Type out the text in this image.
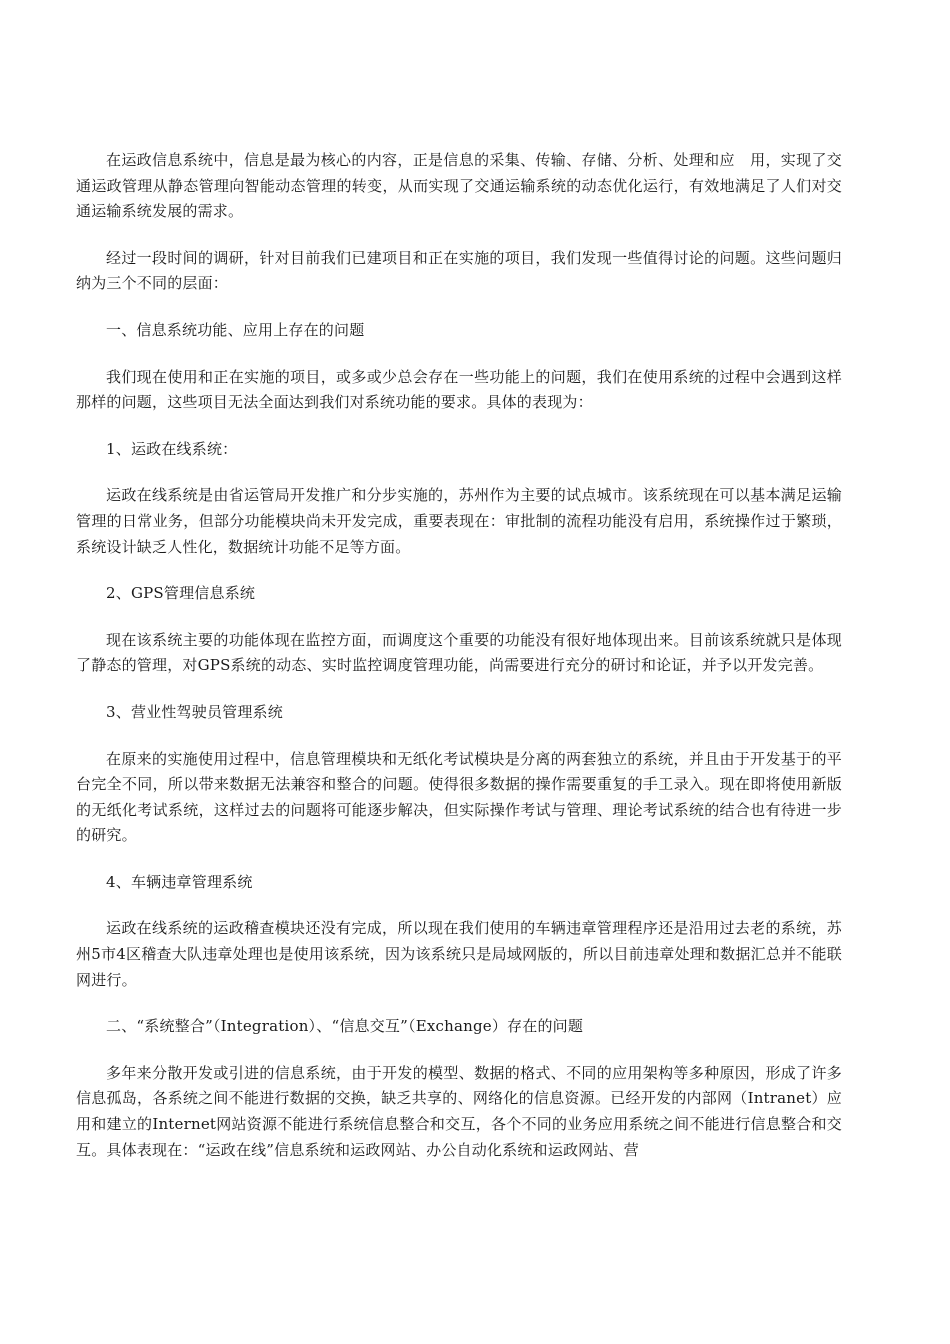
在运政信息系统中，信息是最为核心的内容，正是信息的采集、传输、存储、分析、处理和应　用，实现了交通运政管理从静态管理向智能动态管理的转变，从而实现了交通运输系统的动态优化运行，有效地满足了人们对交通运输系统发展的需求。

经过一段时间的调研，针对目前我们已建项目和正在实施的项目，我们发现一些值得讨论的问题。这些问题归纳为三个不同的层面：

一、信息系统功能、应用上存在的问题

我们现在使用和正在实施的项目，或多或少总会存在一些功能上的问题，我们在使用系统的过程中会遇到这样那样的问题，这些项目无法全面达到我们对系统功能的要求。具体的表现为：

1、运政在线系统：

运政在线系统是由省运管局开发推广和分步实施的，苏州作为主要的试点城市。该系统现在可以基本满足运输管理的日常业务，但部分功能模块尚未开发完成，重要表现在：审批制的流程功能没有启用，系统操作过于繁琐，系统设计缺乏人性化，数据统计功能不足等方面。

2、GPS管理信息系统

现在该系统主要的功能体现在监控方面，而调度这个重要的功能没有很好地体现出来。目前该系统就只是体现了静态的管理，对GPS系统的动态、实时监控调度管理功能，尚需要进行充分的研讨和论证，并予以开发完善。

3、营业性驾驶员管理系统

在原来的实施使用过程中，信息管理模块和无纸化考试模块是分离的两套独立的系统，并且由于开发基于的平台完全不同，所以带来数据无法兼容和整合的问题。使得很多数据的操作需要重复的手工录入。现在即将使用新版的无纸化考试系统，这样过去的问题将可能逐步解决，但实际操作考试与管理、理论考试系统的结合也有待进一步的研究。

4、车辆违章管理系统

运政在线系统的运政稽查模块还没有完成，所以现在我们使用的车辆违章管理程序还是沿用过去老的系统，苏州5市4区稽查大队违章处理也是使用该系统，因为该系统只是局域网版的，所以目前违章处理和数据汇总并不能联网进行。

二、“系统整合”（Integration）、“信息交互”（Exchange）存在的问题

多年来分散开发或引进的信息系统，由于开发的模型、数据的格式、不同的应用架构等多种原因，形成了许多信息孤岛，各系统之间不能进行数据的交换，缺乏共享的、网络化的信息资源。已经开发的内部网（Intranet）应用和建立的Internet网站资源不能进行系统信息整合和交互，各个不同的业务应用系统之间不能进行信息整合和交互。具体表现在：“运政在线”信息系统和运政网站、办公自动化系统和运政网站、营
